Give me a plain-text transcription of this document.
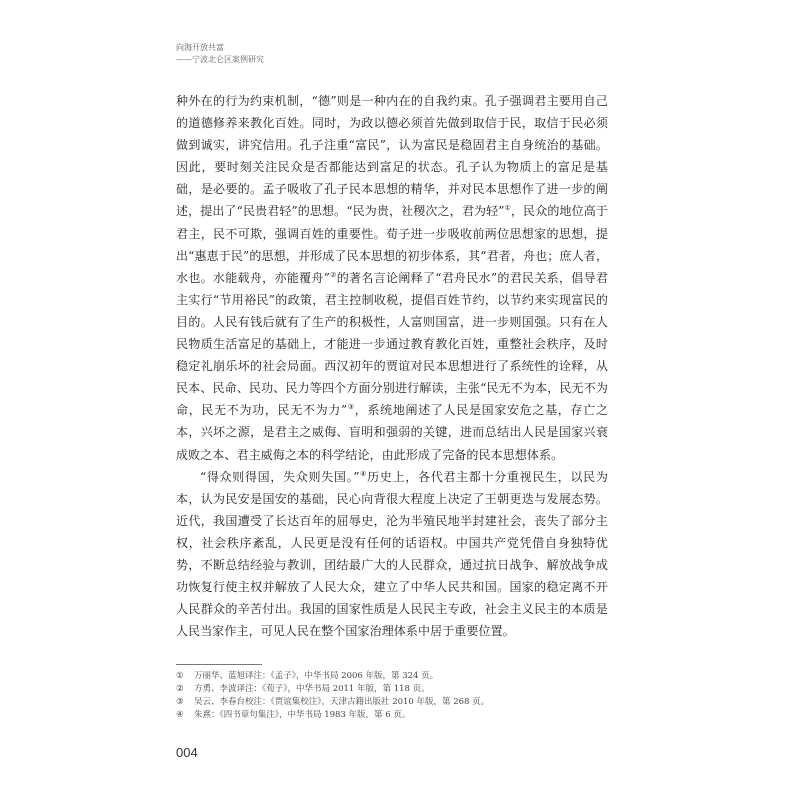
向海开放共富
——宁波北仑区案例研究

种外在的行为约束机制，“德”则是一种内在的自我约束。孔子强调君主要用自己的道德修养来教化百姓。同时，为政以德必须首先做到取信于民，取信于民必须做到诚实，讲究信用。孔子注重“富民”，认为富民是稳固君主自身统治的基础。因此，要时刻关注民众是否都能达到富足的状态。孔子认为物质上的富足是基础，是必要的。孟子吸收了孔子民本思想的精华，并对民本思想作了进一步的阐述，提出了“民贵君轻”的思想。“民为贵，社稷次之，君为轻”①，民众的地位高于君主，民不可欺，强调百姓的重要性。荀子进一步吸收前两位思想家的思想，提出“惠恵于民”的思想，并形成了民本思想的初步体系，其“君者，舟也；庶人者，水也。水能载舟，亦能覆舟”②的著名言论阐释了“君舟民水”的君民关系，倡导君主实行“节用裕民”的政策，君主控制收税，提倡百姓节约，以节约来实现富民的目的。人民有钱后就有了生产的积极性，人富则国富，进一步则国强。只有在人民物质生活富足的基础上，才能进一步通过教育教化百姓，重整社会秩序，及时稳定礼崩乐坏的社会局面。西汉初年的贾谊对民本思想进行了系统性的诠释，从民本、民命、民功、民力等四个方面分别进行解读，主张“民无不为本，民无不为命，民无不为功，民无不为力”③，系统地阐述了人民是国家安危之基，存亡之本，兴坏之源，是君主之威侮、盲明和强弱的关键，进而总结出人民是国家兴衰成败之本、君主威侮之本的科学结论，由此形成了完备的民本思想体系。

“得众则得国，失众则失国。”④历史上，各代君主都十分重视民生，以民为本，认为民安是国安的基础，民心向背很大程度上决定了王朝更迭与发展态势。近代，我国遭受了长达百年的屈辱史，沦为半殖民地半封建社会，丧失了部分主权，社会秩序紊乱，人民更是没有任何的话语权。中国共产党凭借自身独特优势，不断总结经验与教训，团结最广大的人民群众，通过抗日战争、解放战争成功恢复行使主权并解放了人民大众，建立了中华人民共和国。国家的稳定离不开人民群众的辛苦付出。我国的国家性质是人民民主专政，社会主义民主的本质是人民当家作主，可见人民在整个国家治理体系中居于重要位置。

① 万丽华、蓝旭译注：《孟子》，中华书局 2006 年版，第 324 页。
② 方勇、李波译注：《荀子》，中华书局 2011 年版，第 118 页。
③ 吴云、李春台校注：《贾谊集校注》，天津古籍出版社 2010 年版，第 268 页。
④ 朱熹：《四书章句集注》，中华书局 1983 年版，第 6 页。
004
